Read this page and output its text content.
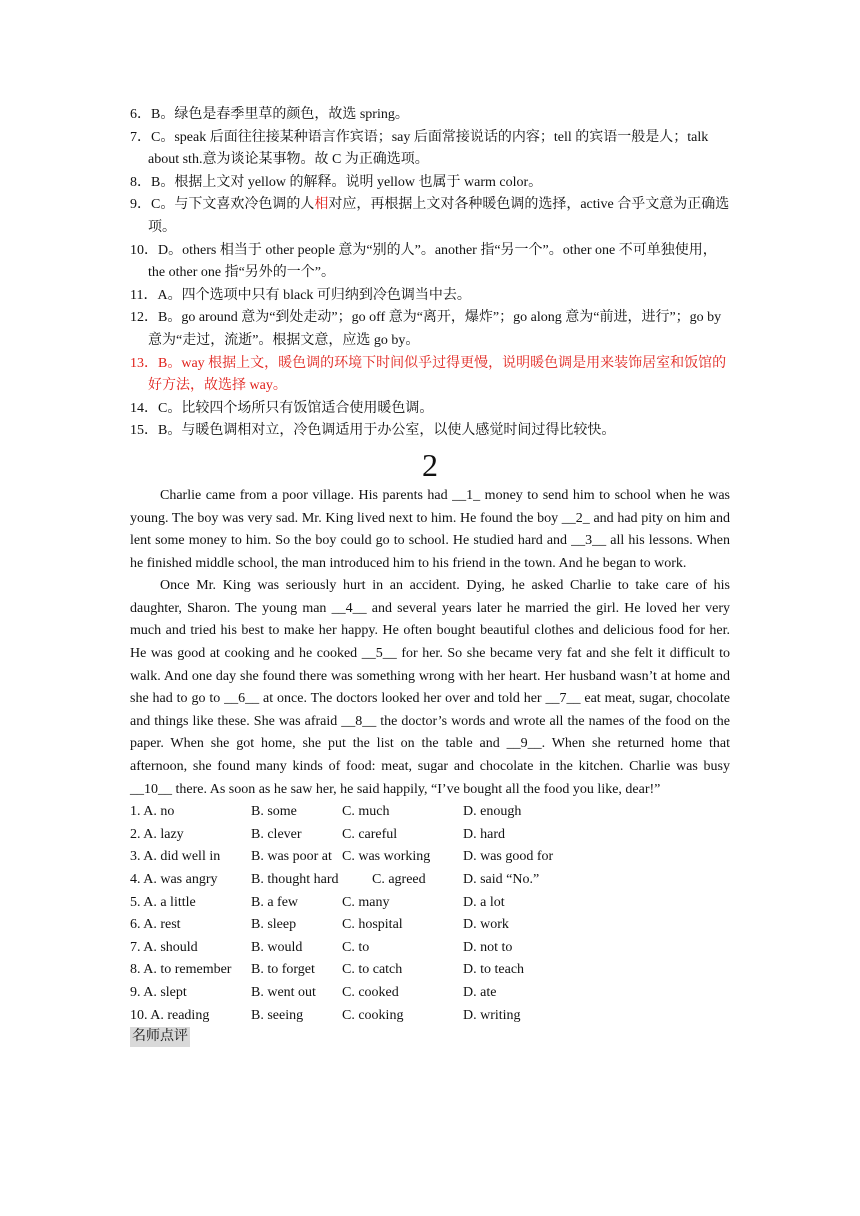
6．B。绿色是春季里草的颜色，故选 spring。

7．C。speak 后面往往接某种语言作宾语；say 后面常接说话的内容；tell 的宾语一般是人；talk about sth.意为谈论某事物。故 C 为正确选项。

8．B。根据上文对 yellow 的解释。说明 yellow 也属于 warm color。

9．C。与下文喜欢冷色调的人相对应，再根据上文对各种暖色调的选择，active 合乎文意为正确选项。

10．D。others 相当于 other people 意为“别的人”。another 指“另一个”。other one 不可单独使用，the other one 指“另外的一个”。

11．A。四个选项中只有 black 可归纳到冷色调当中去。

12．B。go around 意为“到处走动”；go off 意为“离开，爆炸”；go along 意为“前进，进行”；go by 意为“走过，流逝”。根据文意，应选 go by。

13．B。way 根据上文，暖色调的环境下时间似乎过得更慢，说明暖色调是用来装饰居室和饭馆的好方法，故选择 way。

14．C。比较四个场所只有饭馆适合使用暖色调。

15．B。与暖色调相对立，冷色调适用于办公室，以使人感觉时间过得比较快。

2

Charlie came from a poor village. His parents had __1_ money to send him to school when he was young. The boy was very sad. Mr. King lived next to him. He found the boy __2_ and had pity on him and lent some money to him. So the boy could go to school. He studied hard and __3__ all his lessons. When he finished middle school, the man introduced him to his friend in the town. And he began to work.

Once Mr. King was seriously hurt in an accident. Dying, he asked Charlie to take care of his daughter, Sharon. The young man __4__ and several years later he married the girl. He loved her very much and tried his best to make her happy. He often bought beautiful clothes and delicious food for her. He was good at cooking and he cooked __5__ for her. So she became very fat and she felt it difficult to walk. And one day she found there was something wrong with her heart. Her husband wasn’t at home and she had to go to __6__ at once. The doctors looked her over and told her __7__ eat meat, sugar, chocolate and things like these. She was afraid __8__ the doctor’s words and wrote all the names of the food on the paper. When she got home, she put the list on the table and __9__. When she returned home that afternoon, she found many kinds of food: meat, sugar and chocolate in the kitchen. Charlie was busy __10__ there. As soon as he saw her, he said happily, “I’ve bought all the food you like, dear!”

1. A. no	B. some	C. much	D. enough
2. A. lazy	B. clever	C. careful	D. hard
3. A. did well in	B. was poor at C. was working	D. was good for
4. A. was angry	B. thought hard	C. agreed	D. said “No.”
5. A. a little	B. a few	C. many	D. a lot
6. A. rest	B. sleep	C. hospital	D. work
7. A. should	B. would	C. to	D. not to
8. A. to remember	B. to forget	C. to catch	D. to teach
9. A. slept	B. went out	C. cooked	D. ate
10. A. reading	B. seeing	C. cooking	D. writing
名师点评
